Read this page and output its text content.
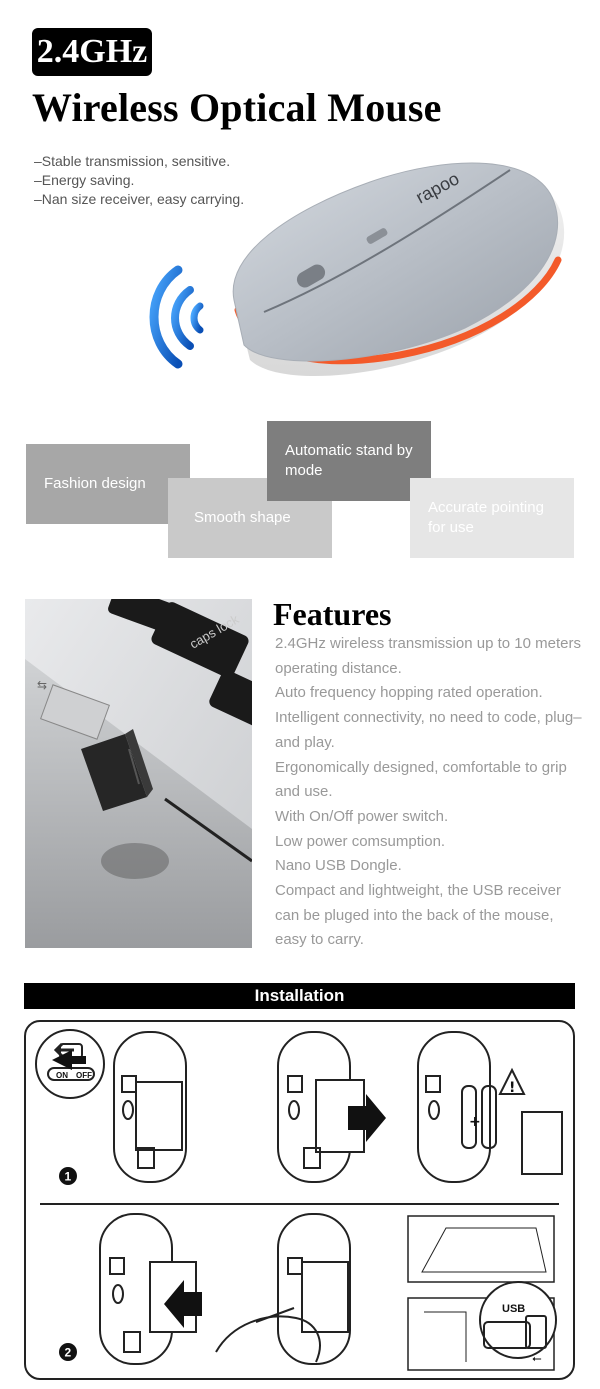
2.4GHz
Wireless Optical Mouse
–Stable transmission, sensitive.
–Energy saving.
–Nan size receiver, easy carrying.	rapoo
Fashion design
Smooth shape
Automatic stand by mode
Accurate pointing for use
caps lock
⇆
Features
2.4GHz wireless transmission up to 10 meters operating distance.
Auto frequency hopping rated operation.
Intelligent connectivity, no need to code, plug–and play.
Ergonomically designed, comfortable to grip and use.
With On/Off power switch.
Low power comsumption.
Nano USB Dongle.
Compact and lightweight, the USB receiver can be pluged into the back of the mouse, easy to carry.
Installation
+
!
⭠
ON OFF
1
2
USB
